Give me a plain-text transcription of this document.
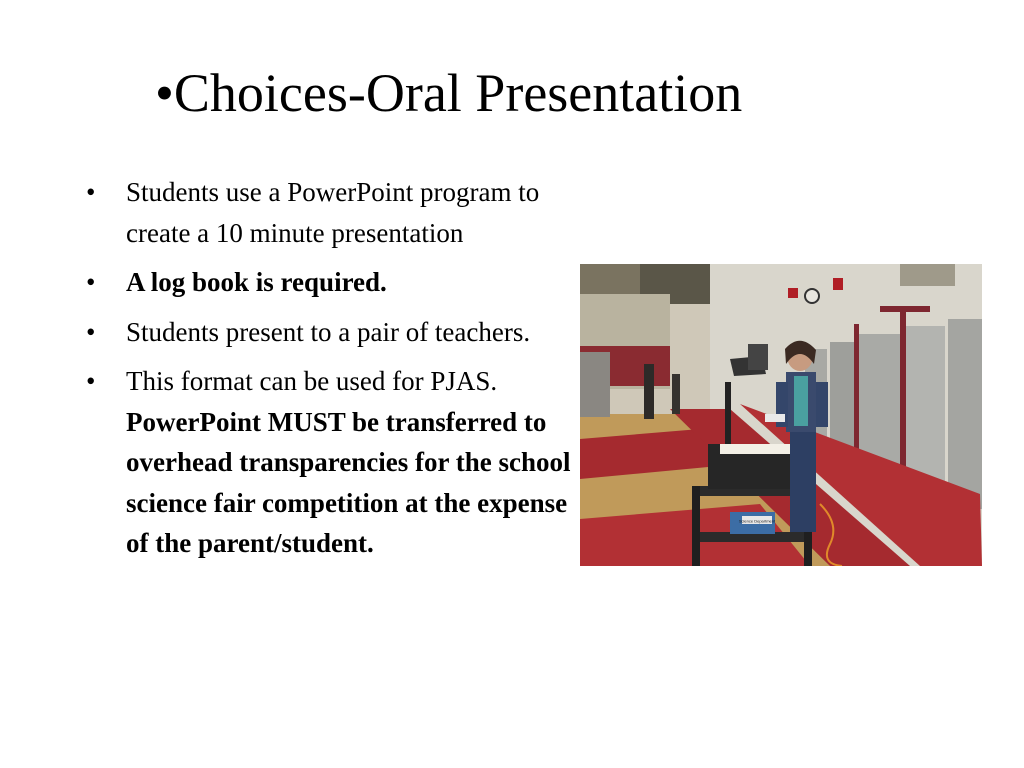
•Choices-Oral Presentation
• Students use a PowerPoint program to create a 10 minute presentation
• A log book is required.
• Students present to a pair of teachers.
• This format can be used for PJAS. PowerPoint MUST be transferred to overhead transparencies for the school science fair competition at the expense of the parent/student.
Science Department
